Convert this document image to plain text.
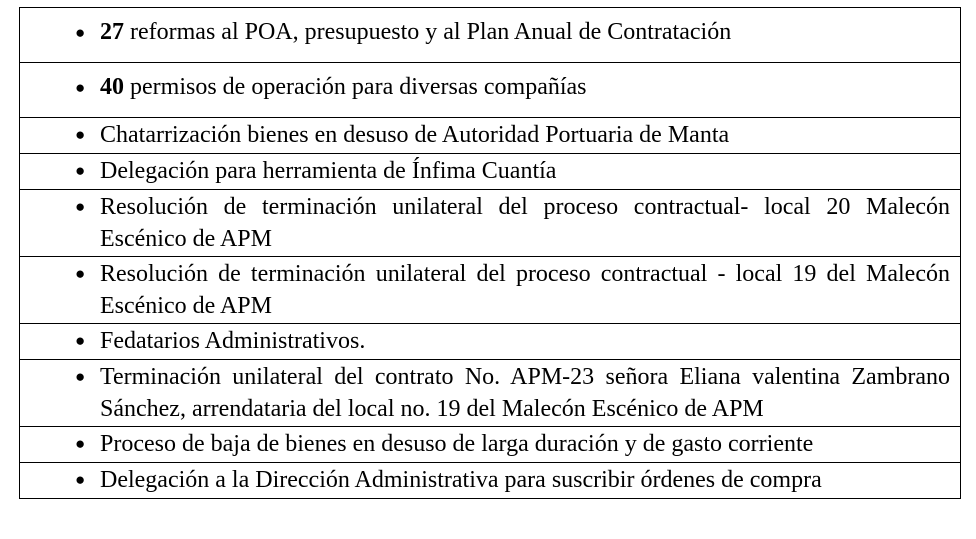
● 27 reformas al POA, presupuesto y al Plan Anual de Contratación

● 40 permisos de operación para diversas compañías

● Chatarrización bienes en desuso de Autoridad Portuaria de Manta

● Delegación para herramienta de Ínfima Cuantía

● Resolución de terminación unilateral del proceso contractual- local 20 Malecón Escénico de APM

● Resolución de terminación unilateral del proceso contractual - local 19 del Malecón Escénico de APM

● Fedatarios Administrativos.

● Terminación unilateral del contrato No. APM-23 señora Eliana valentina Zambrano Sánchez, arrendataria del local no. 19 del Malecón Escénico de APM

● Proceso de baja de bienes en desuso de larga duración y de gasto corriente

● Delegación a la Dirección Administrativa para suscribir órdenes de compra
